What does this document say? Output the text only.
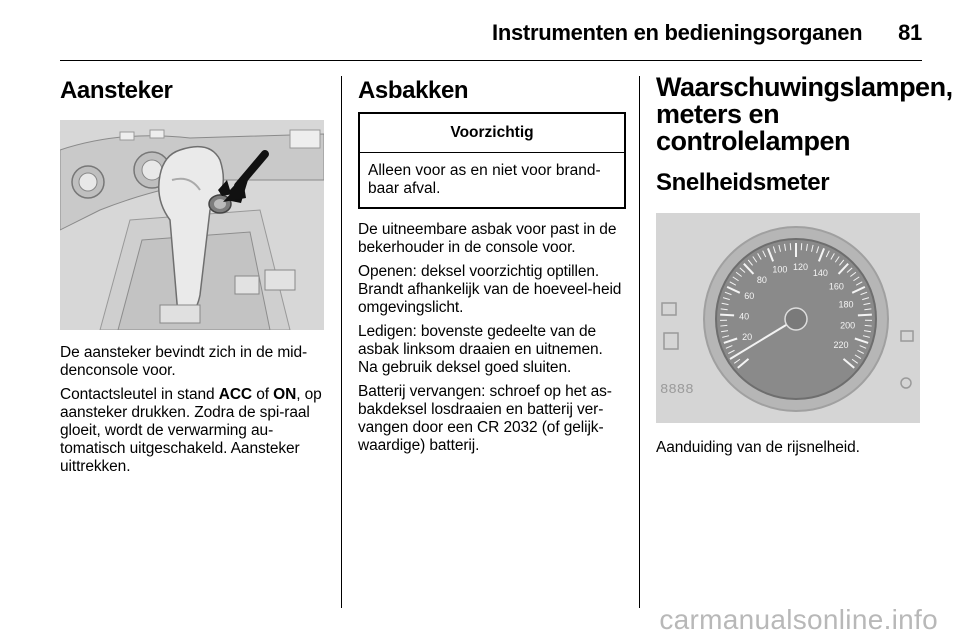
Instrumenten en bedieningsorganen 81
Aansteker

De aansteker bevindt zich in de mid-denconsole voor.

Contactsleutel in stand ACC of ON, op aansteker drukken. Zodra de spi-raal gloeit, wordt de verwarming au-tomatisch uitgeschakeld. Aansteker uittrekken.

Asbakken
Voorzichtig
Alleen voor as en niet voor brand-baar afval.

De uitneembare asbak voor past in de bekerhouder in de console voor.

Openen: deksel voorzichtig optillen. Brandt afhankelijk van de hoeveel-heid omgevingslicht.

Ledigen: bovenste gedeelte van de asbak linksom draaien en uitnemen. Na gebruik deksel goed sluiten.

Batterij vervangen: schroef op het as-bakdeksel losdraaien en batterij ver-vangen door een CR 2032 (of gelijk-waardige) batterij.

Waarschuwingslampen, meters en controlelampen
Snelheidsmeter
20
40
60
80
100 120
140
160
180
200
220
8888

Aanduiding van de rijsnelheid.

carmanualsonline.info
